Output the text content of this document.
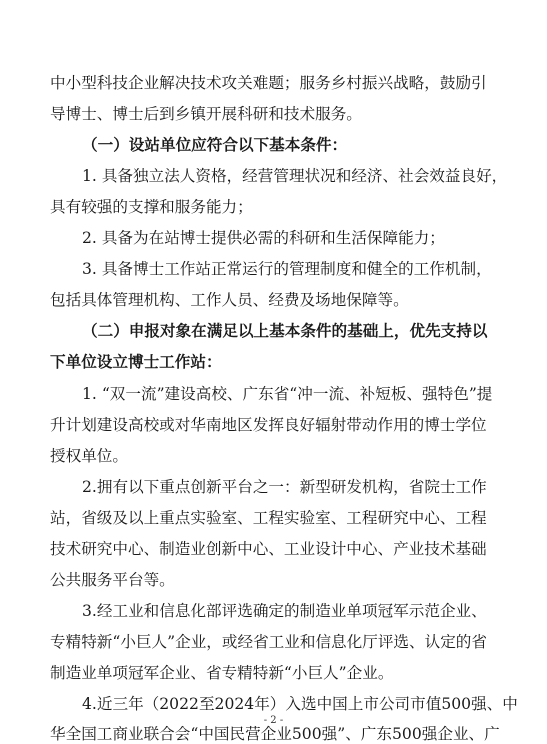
中小型科技企业解决技术攻关难题；服务乡村振兴战略，鼓励引
导博士、博士后到乡镇开展科研和技术服务。
（一）设站单位应符合以下基本条件：
1. 具备独立法人资格，经营管理状况和经济、社会效益良好，
具有较强的支撑和服务能力；
2. 具备为在站博士提供必需的科研和生活保障能力；
3. 具备博士工作站正常运行的管理制度和健全的工作机制，
包括具体管理机构、工作人员、经费及场地保障等。
（二）申报对象在满足以上基本条件的基础上，优先支持以
下单位设立博士工作站：
1. “双一流”建设高校、广东省“冲一流、补短板、强特色”提
升计划建设高校或对华南地区发挥良好辐射带动作用的博士学位
授权单位。
2.拥有以下重点创新平台之一：新型研发机构，省院士工作
站，省级及以上重点实验室、工程实验室、工程研究中心、工程
技术研究中心、制造业创新中心、工业设计中心、产业技术基础
公共服务平台等。
3.经工业和信息化部评选确定的制造业单项冠军示范企业、
专精特新“小巨人”企业，或经省工业和信息化厅评选、认定的省
制造业单项冠军企业、省专精特新“小巨人”企业。
4.近三年（2022至2024年）入选中国上市公司市值500强、中
华全国工商业联合会“中国民营企业500强”、广东500强企业、广
- 2 -
